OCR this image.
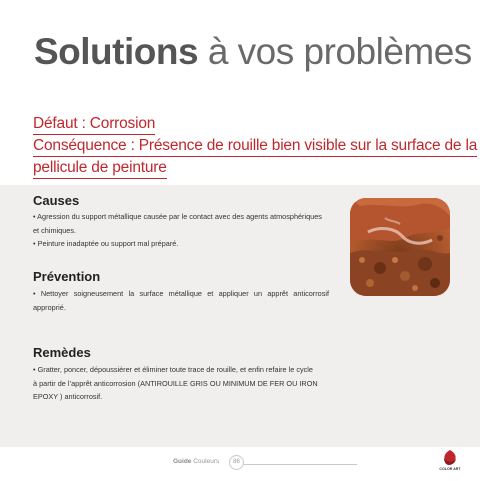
Solutions à vos problèmes
Défaut : Corrosion
Conséquence : Présence de rouille bien visible sur la surface de la
pellicule de peinture
Causes

• Agression du support métallique causée par le contact avec des agents atmosphériques

et chimiques.

• Peinture inadaptée ou support mal préparé.

Prévention

• Nettoyer soigneusement la surface métallique et appliquer un apprêt anticorrosif

approprié.

Remèdes

• Gratter, poncer, dépoussiérer et éliminer toute trace de rouille, et enfin refaire le cycle

à partir de l’apprêt anticorrosion (ANTIROUILLE GRIS OU MINIMUM DE FER OU IRON

EPOXY ) anticorrosif.

Guide Couleurs	86
COLOR ART
